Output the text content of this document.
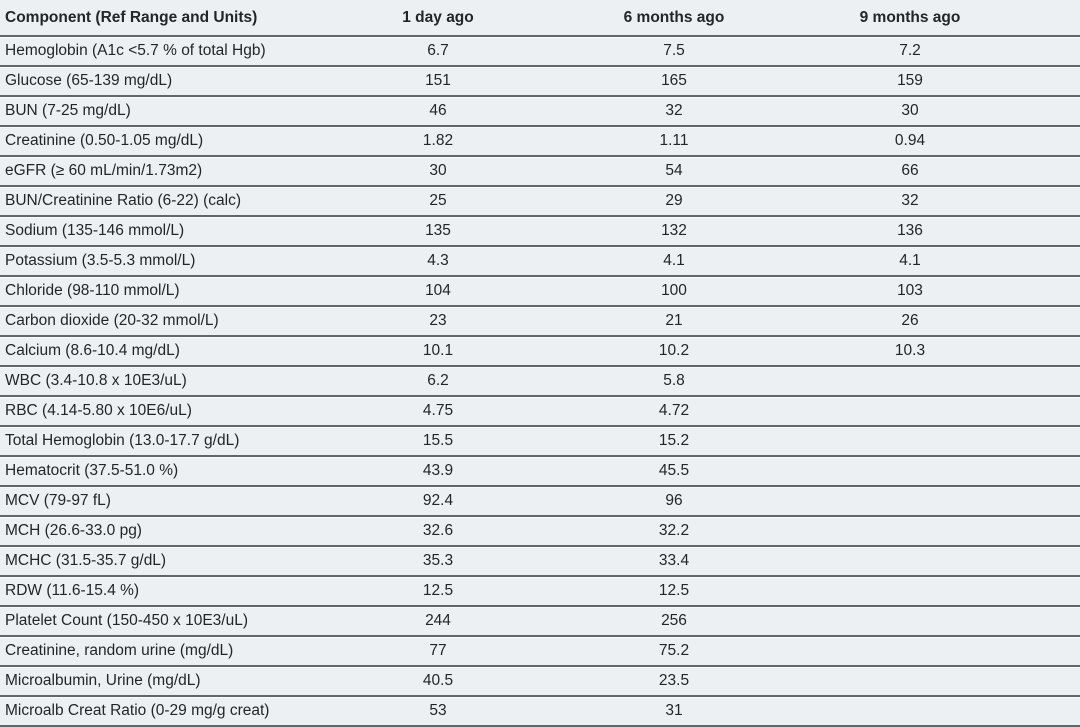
Component (Ref Range and Units)	1 day ago	6 months ago	9 months ago	
Hemoglobin (A1c <5.7 % of total Hgb)	6.7	7.5	7.2	
Glucose (65-139 mg/dL)	151	165	159	
BUN (7-25 mg/dL)	46	32	30	
Creatinine (0.50-1.05 mg/dL)	1.82	1.11	0.94	
eGFR (≥ 60 mL/min/1.73m2)	30	54	66	
BUN/Creatinine Ratio (6-22) (calc)	25	29	32	
Sodium (135-146 mmol/L)	135	132	136	
Potassium (3.5-5.3 mmol/L)	4.3	4.1	4.1	
Chloride (98-110 mmol/L)	104	100	103	
Carbon dioxide (20-32 mmol/L)	23	21	26	
Calcium (8.6-10.4 mg/dL)	10.1	10.2	10.3	
WBC (3.4-10.8 x 10E3/uL)	6.2	5.8		
RBC (4.14-5.80 x 10E6/uL)	4.75	4.72		
Total Hemoglobin (13.0-17.7 g/dL)	15.5	15.2		
Hematocrit (37.5-51.0 %)	43.9	45.5		
MCV (79-97 fL)	92.4	96		
MCH (26.6-33.0 pg)	32.6	32.2		
MCHC (31.5-35.7 g/dL)	35.3	33.4		
RDW (11.6-15.4 %)	12.5	12.5		
Platelet Count (150-450 x 10E3/uL)	244	256		
Creatinine, random urine (mg/dL)	77	75.2		
Microalbumin, Urine (mg/dL)	40.5	23.5		
Microalb Creat Ratio (0-29 mg/g creat)	53	31		
